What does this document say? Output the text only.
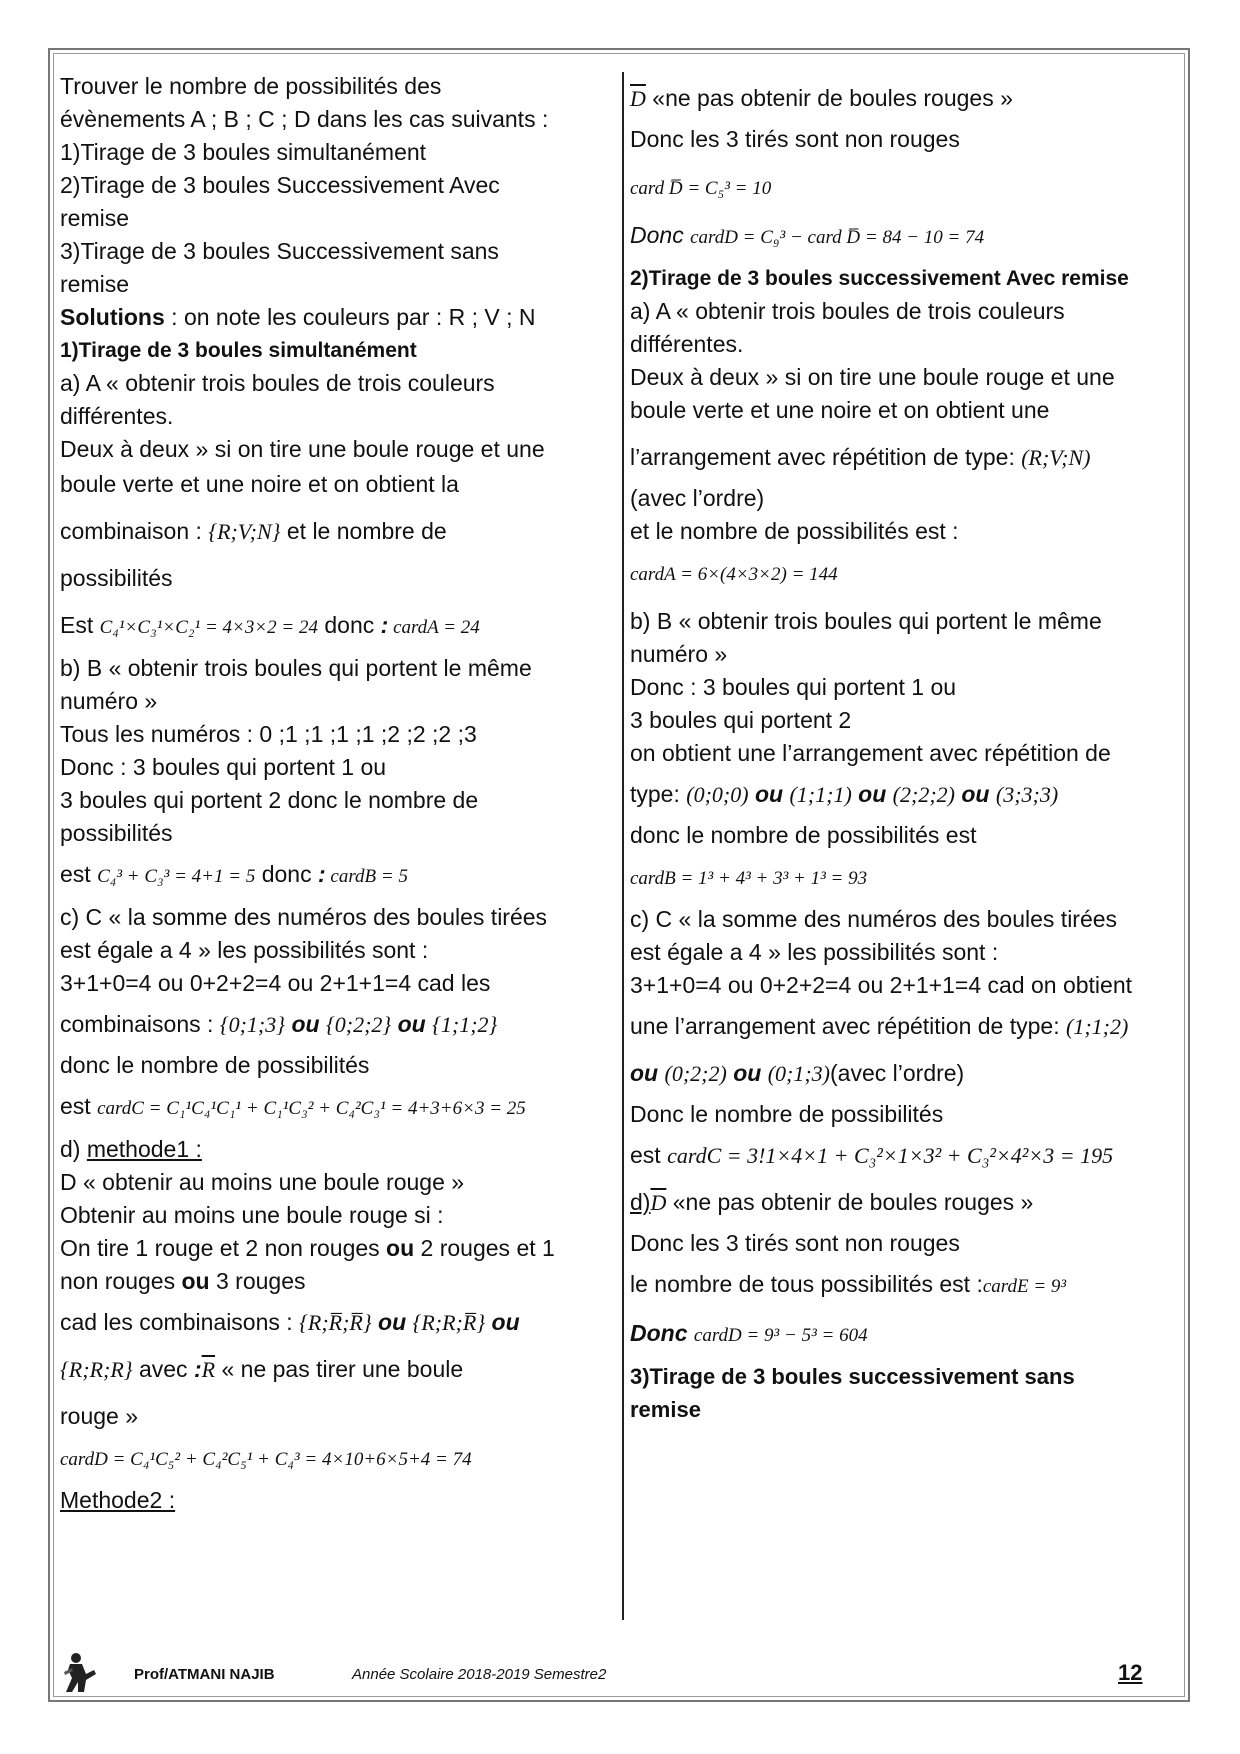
Trouver le nombre de possibilités des

évènements A ; B ; C ; D dans les cas suivants :

1)Tirage de 3 boules simultanément

2)Tirage de 3 boules Successivement Avec

remise

3)Tirage de 3 boules Successivement sans

remise

Solutions : on note les couleurs par : R ; V ; N

1)Tirage de 3 boules simultanément

a) A « obtenir trois boules de trois couleurs

différentes.

Deux à deux » si on tire une boule rouge et une

boule verte et une noire et on obtient la

combinaison : {R;V;N} et le nombre de

possibilités

Est C₄¹×C₃¹×C₂¹ = 4×3×2 = 24 donc : cardA = 24

b) B « obtenir trois boules qui portent le même

numéro »

Tous les numéros : 0 ;1 ;1 ;1 ;1 ;2 ;2 ;2 ;3

Donc : 3 boules qui portent 1 ou

3 boules qui portent 2 donc le nombre de

possibilités

est C₄³ + C₃³ = 4+1 = 5 donc : cardB = 5

c) C « la somme des numéros des boules tirées

est égale a 4 » les possibilités sont :

3+1+0=4 ou 0+2+2=4 ou 2+1+1=4 cad les

combinaisons : {0;1;3} ou {0;2;2} ou {1;1;2}

donc le nombre de possibilités

est cardC = C₁¹C₄¹C₁¹ + C₁¹C₃² + C₄²C₃¹ = 4+3+6×3 = 25

d) methode1 :

D « obtenir au moins une boule rouge »

Obtenir au moins une boule rouge si :

On tire 1 rouge et 2 non rouges ou 2 rouges et 1

non rouges ou 3 rouges

cad les combinaisons : {R;R̅;R̅} ou {R;R;R̅} ou

{R;R;R} avec $:\overline{R}$ « ne pas tirer une boule

rouge »

cardD = C₄¹C₅² + C₄²C₅¹ + C₄³ = 4×10+6×5+4 = 74

Methode2 :

$\overline{D}$ «ne pas obtenir de boules rouges »

Donc les 3 tirés sont non rouges

card D̅ = C₅³ = 10

Donc cardD = C₉³ − card D̅ = 84 − 10 = 74

2)Tirage de 3 boules successivement Avec remise

a) A « obtenir trois boules de trois couleurs

différentes.

Deux à deux » si on tire une boule rouge et une

boule verte et une noire et on obtient une

l’arrangement avec répétition de type: (R;V;N)

(avec l’ordre)

et le nombre de possibilités est :

cardA = 6×(4×3×2) = 144

b) B « obtenir trois boules qui portent le même

numéro »

Donc : 3 boules qui portent 1 ou

3 boules qui portent 2

on obtient une l’arrangement avec répétition de

type: (0;0;0) ou (1;1;1) ou (2;2;2) ou (3;3;3)

donc le nombre de possibilités est

cardB = 1³ + 4³ + 3³ + 1³ = 93

c) C « la somme des numéros des boules tirées

est égale a 4 » les possibilités sont :

3+1+0=4 ou 0+2+2=4 ou 2+1+1=4 cad on obtient

une l’arrangement avec répétition de type: (1;1;2)

ou (0;2;2) ou (0;1;3)(avec l’ordre)

Donc le nombre de possibilités

est cardC = 3!1×4×1 + C₃²×1×3² + C₃²×4²×3 = 195

$d)\overline{D}$ «ne pas obtenir de boules rouges »

Donc les 3 tirés sont non rouges

le nombre de tous possibilités est :cardE = 9³

Donc cardD = 9³ − 5³ = 604

3)Tirage de 3 boules successivement sans

remise

Prof/ATMANI NAJIB	Année Scolaire 2018-2019 Semestre2	12
